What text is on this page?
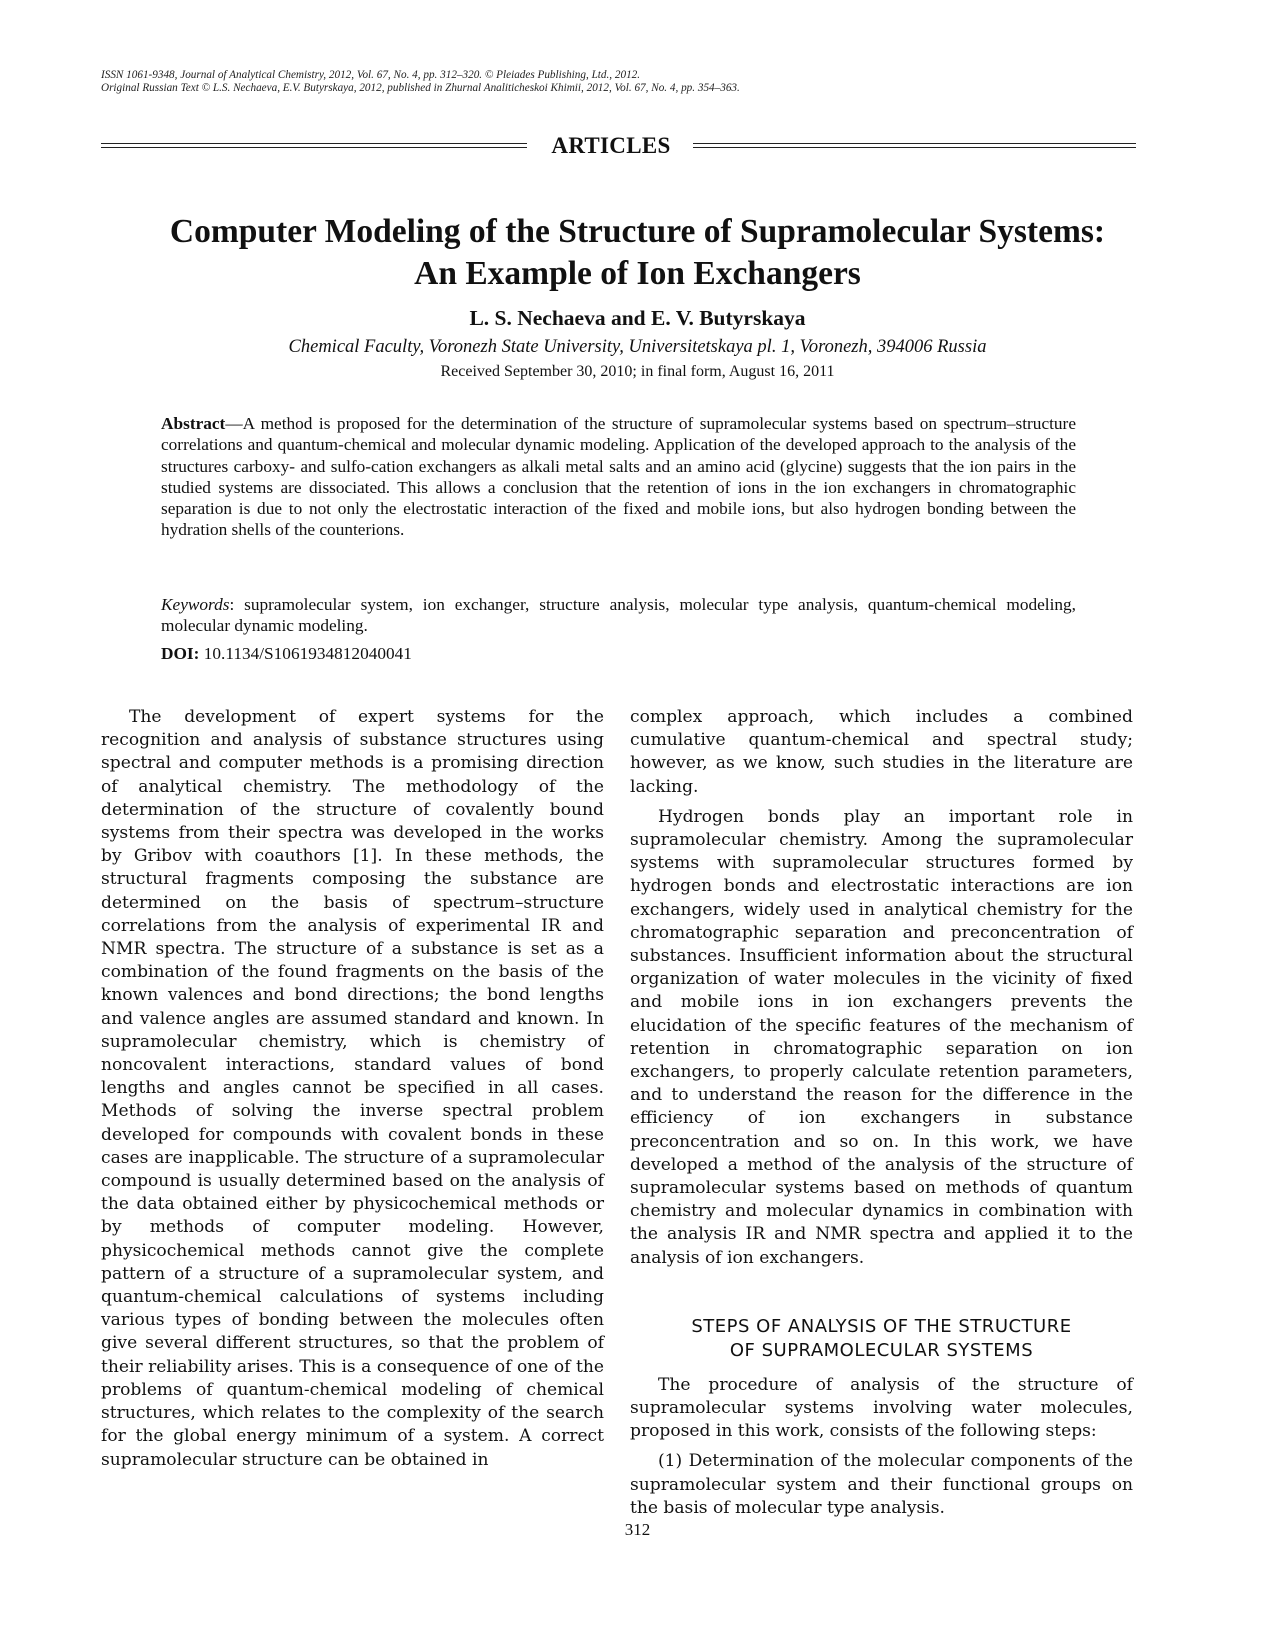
ISSN 1061-9348, Journal of Analytical Chemistry, 2012, Vol. 67, No. 4, pp. 312–320. © Pleiades Publishing, Ltd., 2012.
Original Russian Text © L.S. Nechaeva, E.V. Butyrskaya, 2012, published in Zhurnal Analiticheskoi Khimii, 2012, Vol. 67, No. 4, pp. 354–363.
ARTICLES
Computer Modeling of the Structure of Supramolecular Systems:
An Example of Ion Exchangers
L. S. Nechaeva and E. V. Butyrskaya
Chemical Faculty, Voronezh State University, Universitetskaya pl. 1, Voronezh, 394006 Russia
Received September 30, 2010; in final form, August 16, 2011
Abstract—A method is proposed for the determination of the structure of supramolecular systems based on spectrum–structure correlations and quantum-chemical and molecular dynamic modeling. Application of the developed approach to the analysis of the structures carboxy- and sulfo-cation exchangers as alkali metal salts and an amino acid (glycine) suggests that the ion pairs in the studied systems are dissociated. This allows a conclusion that the retention of ions in the ion exchangers in chromatographic separation is due to not only the electrostatic interaction of the fixed and mobile ions, but also hydrogen bonding between the hydration shells of the counterions.
Keywords: supramolecular system, ion exchanger, structure analysis, molecular type analysis, quantum-chemical modeling, molecular dynamic modeling.
DOI: 10.1134/S1061934812040041

The development of expert systems for the recognition and analysis of substance structures using spectral and computer methods is a promising direction of analytical chemistry. The methodology of the determination of the structure of covalently bound systems from their spectra was developed in the works by Gribov with coauthors [1]. In these methods, the structural fragments composing the substance are determined on the basis of spectrum–structure correlations from the analysis of experimental IR and NMR spectra. The structure of a substance is set as a combination of the found fragments on the basis of the known valences and bond directions; the bond lengths and valence angles are assumed standard and known. In supramolecular chemistry, which is chemistry of noncovalent interactions, standard values of bond lengths and angles cannot be specified in all cases. Methods of solving the inverse spectral problem developed for compounds with covalent bonds in these cases are inapplicable. The structure of a supramolecular compound is usually determined based on the analysis of the data obtained either by physicochemical methods or by methods of computer modeling. However, physicochemical methods cannot give the complete pattern of a structure of a supramolecular system, and quantum-chemical calculations of systems including various types of bonding between the molecules often give several different structures, so that the problem of their reliability arises. This is a consequence of one of the problems of quantum-chemical modeling of chemical structures, which relates to the complexity of the search for the global energy minimum of a system. A correct supramolecular structure can be obtained in

complex approach, which includes a combined cumulative quantum-chemical and spectral study; however, as we know, such studies in the literature are lacking.

Hydrogen bonds play an important role in supramolecular chemistry. Among the supramolecular systems with supramolecular structures formed by hydrogen bonds and electrostatic interactions are ion exchangers, widely used in analytical chemistry for the chromatographic separation and preconcentration of substances. Insufficient information about the structural organization of water molecules in the vicinity of fixed and mobile ions in ion exchangers prevents the elucidation of the specific features of the mechanism of retention in chromatographic separation on ion exchangers, to properly calculate retention parameters, and to understand the reason for the difference in the efficiency of ion exchangers in substance preconcentration and so on. In this work, we have developed a method of the analysis of the structure of supramolecular systems based on methods of quantum chemistry and molecular dynamics in combination with the analysis IR and NMR spectra and applied it to the analysis of ion exchangers.

STEPS OF ANALYSIS OF THE STRUCTURE
OF SUPRAMOLECULAR SYSTEMS

The procedure of analysis of the structure of supramolecular systems involving water molecules, proposed in this work, consists of the following steps:

(1) Determination of the molecular components of the supramolecular system and their functional groups on the basis of molecular type analysis.

312
